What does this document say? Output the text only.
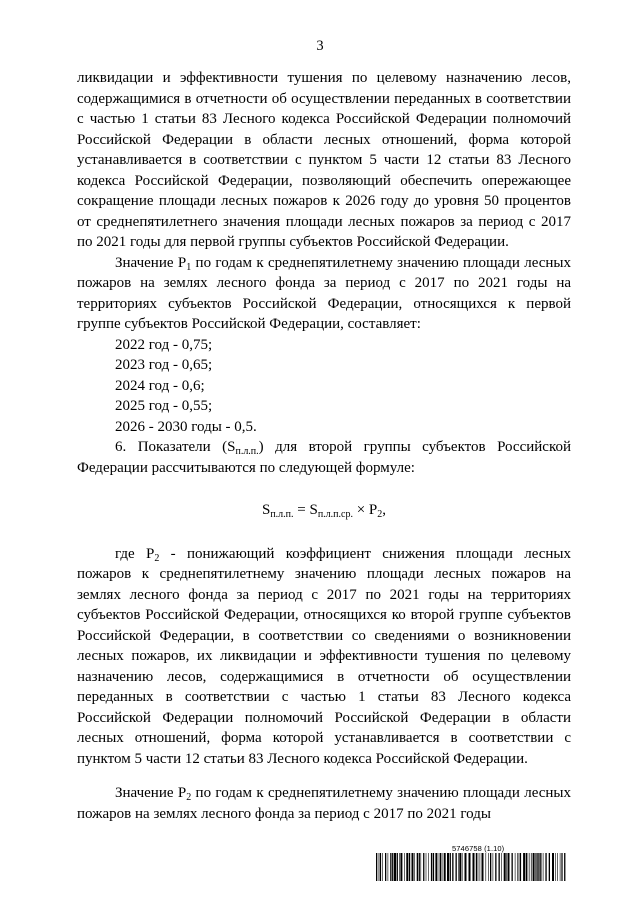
3

ликвидации и эффективности тушения по целевому назначению лесов, содержащимися в отчетности об осуществлении переданных в соответствии с частью 1 статьи 83 Лесного кодекса Российской Федерации полномочий Российской Федерации в области лесных отношений, форма которой устанавливается в соответствии с пунктом 5 части 12 статьи 83 Лесного кодекса Российской Федерации, позволяющий обеспечить опережающее сокращение площади лесных пожаров к 2026 году до уровня 50 процентов от среднепятилетнего значения площади лесных пожаров за период с 2017 по 2021 годы для первой группы субъектов Российской Федерации.

Значение $P_1$ по годам к среднепятилетнему значению площади лесных пожаров на землях лесного фонда за период с 2017 по 2021 годы на территориях субъектов Российской Федерации, относящихся к первой группе субъектов Российской Федерации, составляет:

2022 год - 0,75;
2023 год - 0,65;
2024 год - 0,6;
2025 год - 0,55;
2026 - 2030 годы - 0,5.

6. Показатели $(S_{п.л.п.})$ для второй группы субъектов Российской Федерации рассчитываются по следующей формуле:

$S_{п.л.п.} = S_{п.л.п.ср.} \times P_2$,

где $P_2$ - понижающий коэффициент снижения площади лесных пожаров к среднепятилетнему значению площади лесных пожаров на землях лесного фонда за период с 2017 по 2021 годы на территориях субъектов Российской Федерации, относящихся ко второй группе субъектов Российской Федерации, в соответствии со сведениями о возникновении лесных пожаров, их ликвидации и эффективности тушения по целевому назначению лесов, содержащимися в отчетности об осуществлении переданных в соответствии с частью 1 статьи 83 Лесного кодекса Российской Федерации полномочий Российской Федерации в области лесных отношений, форма которой устанавливается в соответствии с пунктом 5 части 12 статьи 83 Лесного кодекса Российской Федерации.

Значение $P_2$ по годам к среднепятилетнему значению площади лесных пожаров на землях лесного фонда за период с 2017 по 2021 годы

5746758 (1.10)
